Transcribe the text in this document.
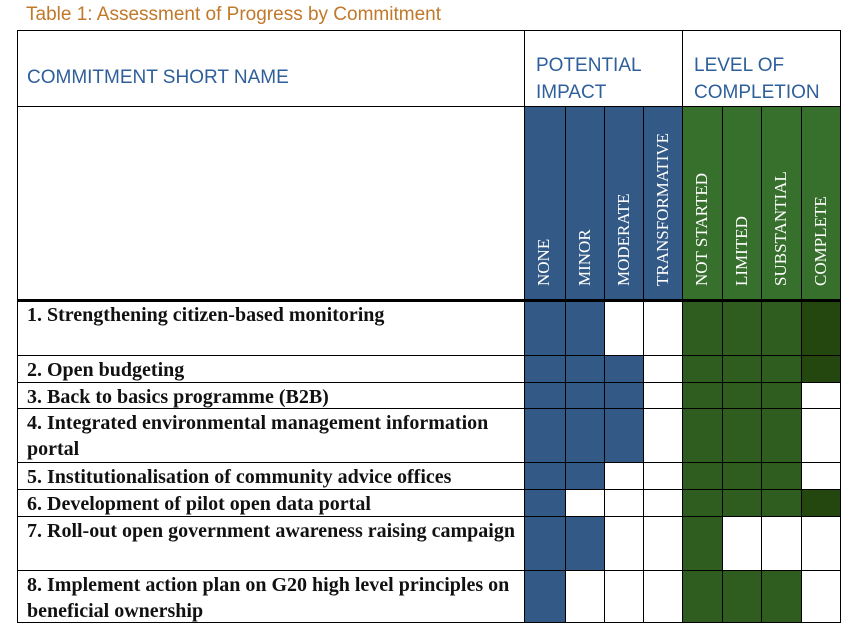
Table 1: Assessment of Progress by Commitment
COMMITMENT SHORT NAME
POTENTIAL IMPACT
LEVEL OF COMPLETION
NONE MINOR MODERATE TRANSFORMATIVE NOT STARTED LIMITED SUBSTANTIAL COMPLETE
1. Strengthening citizen-based monitoring
2. Open budgeting
3. Back to basics programme (B2B)
4. Integrated environmental management information portal
5. Institutionalisation of community advice offices
6. Development of pilot open data portal
7. Roll-out open government awareness raising campaign
8. Implement action plan on G20 high level principles on beneficial ownership
